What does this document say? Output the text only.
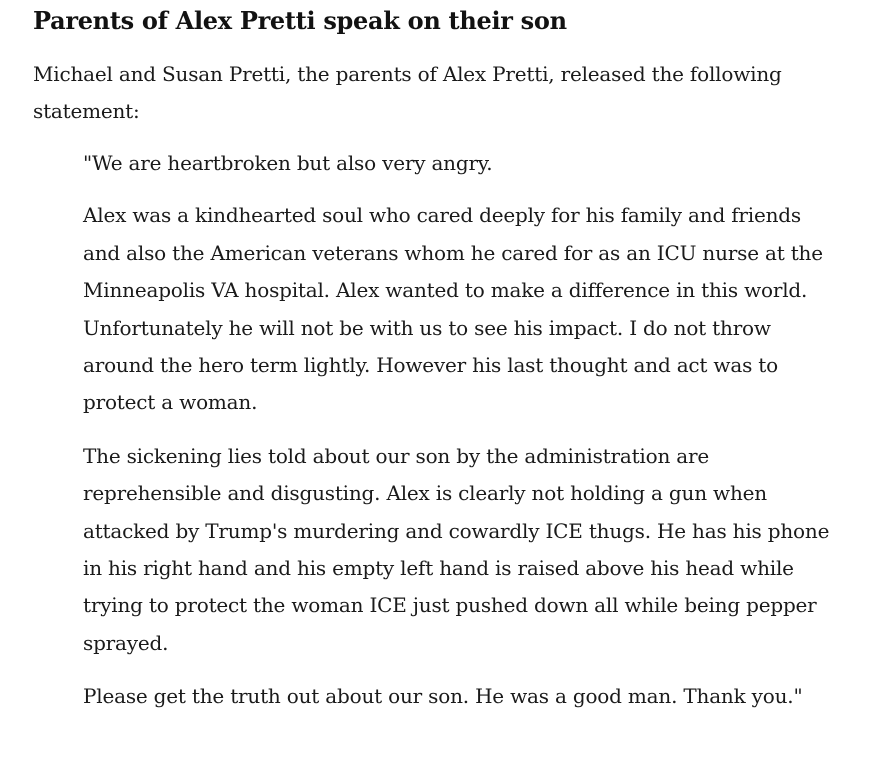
Parents of Alex Pretti speak on their son

Michael and Susan Pretti, the parents of Alex Pretti, released the following statement:

"We are heartbroken but also very angry.

Alex was a kindhearted soul who cared deeply for his family and friends and also the American veterans whom he cared for as an ICU nurse at the Minneapolis VA hospital. Alex wanted to make a difference in this world. Unfortunately he will not be with us to see his impact. I do not throw around the hero term lightly. However his last thought and act was to protect a woman.

The sickening lies told about our son by the administration are reprehensible and disgusting. Alex is clearly not holding a gun when attacked by Trump's murdering and cowardly ICE thugs. He has his phone in his right hand and his empty left hand is raised above his head while trying to protect the woman ICE just pushed down all while being pepper sprayed.

Please get the truth out about our son. He was a good man. Thank you."
